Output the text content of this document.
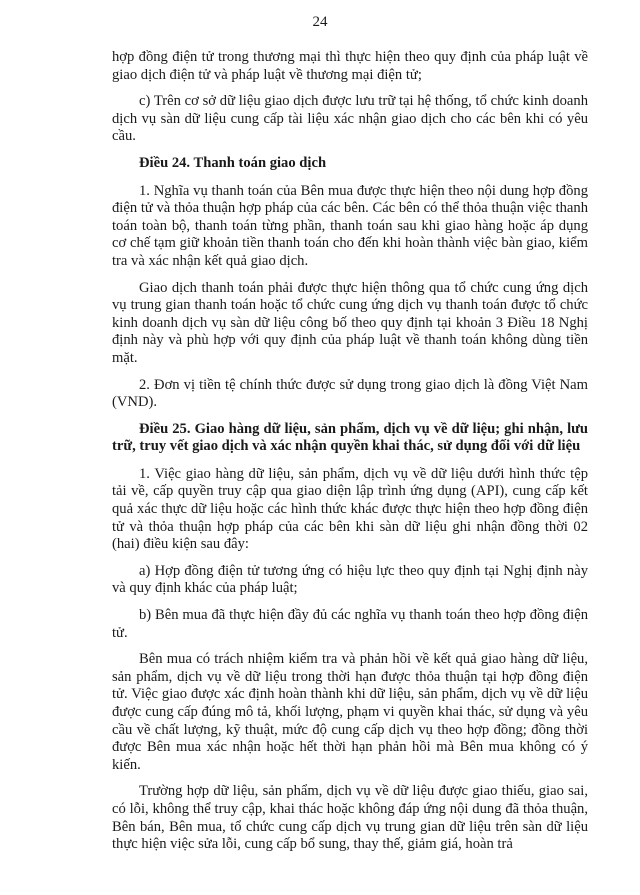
24

hợp đồng điện tử trong thương mại thì thực hiện theo quy định của pháp luật về giao dịch điện tử và pháp luật về thương mại điện tử;

c) Trên cơ sở dữ liệu giao dịch được lưu trữ tại hệ thống, tổ chức kinh doanh dịch vụ sàn dữ liệu cung cấp tài liệu xác nhận giao dịch cho các bên khi có yêu cầu.

Điều 24. Thanh toán giao dịch

1. Nghĩa vụ thanh toán của Bên mua được thực hiện theo nội dung hợp đồng điện tử và thỏa thuận hợp pháp của các bên. Các bên có thể thỏa thuận việc thanh toán toàn bộ, thanh toán từng phần, thanh toán sau khi giao hàng hoặc áp dụng cơ chế tạm giữ khoản tiền thanh toán cho đến khi hoàn thành việc bàn giao, kiểm tra và xác nhận kết quả giao dịch.

Giao dịch thanh toán phải được thực hiện thông qua tổ chức cung ứng dịch vụ trung gian thanh toán hoặc tổ chức cung ứng dịch vụ thanh toán được tổ chức kinh doanh dịch vụ sàn dữ liệu công bố theo quy định tại khoản 3 Điều 18 Nghị định này và phù hợp với quy định của pháp luật về thanh toán không dùng tiền mặt.

2. Đơn vị tiền tệ chính thức được sử dụng trong giao dịch là đồng Việt Nam (VND).

Điều 25. Giao hàng dữ liệu, sản phẩm, dịch vụ về dữ liệu; ghi nhận, lưu trữ, truy vết giao dịch và xác nhận quyền khai thác, sử dụng đối với dữ liệu

1. Việc giao hàng dữ liệu, sản phẩm, dịch vụ về dữ liệu dưới hình thức tệp tải về, cấp quyền truy cập qua giao diện lập trình ứng dụng (API), cung cấp kết quả xác thực dữ liệu hoặc các hình thức khác được thực hiện theo hợp đồng điện tử và thỏa thuận hợp pháp của các bên khi sàn dữ liệu ghi nhận đồng thời 02 (hai) điều kiện sau đây:

a) Hợp đồng điện tử tương ứng có hiệu lực theo quy định tại Nghị định này và quy định khác của pháp luật;

b) Bên mua đã thực hiện đầy đủ các nghĩa vụ thanh toán theo hợp đồng điện tử.

Bên mua có trách nhiệm kiểm tra và phản hồi về kết quả giao hàng dữ liệu, sản phẩm, dịch vụ về dữ liệu trong thời hạn được thỏa thuận tại hợp đồng điện tử. Việc giao được xác định hoàn thành khi dữ liệu, sản phẩm, dịch vụ về dữ liệu được cung cấp đúng mô tả, khối lượng, phạm vi quyền khai thác, sử dụng và yêu cầu về chất lượng, kỹ thuật, mức độ cung cấp dịch vụ theo hợp đồng; đồng thời được Bên mua xác nhận hoặc hết thời hạn phản hồi mà Bên mua không có ý kiến.

Trường hợp dữ liệu, sản phẩm, dịch vụ về dữ liệu được giao thiếu, giao sai, có lỗi, không thể truy cập, khai thác hoặc không đáp ứng nội dung đã thỏa thuận, Bên bán, Bên mua, tổ chức cung cấp dịch vụ trung gian dữ liệu trên sàn dữ liệu thực hiện việc sửa lỗi, cung cấp bổ sung, thay thế, giảm giá, hoàn trả
